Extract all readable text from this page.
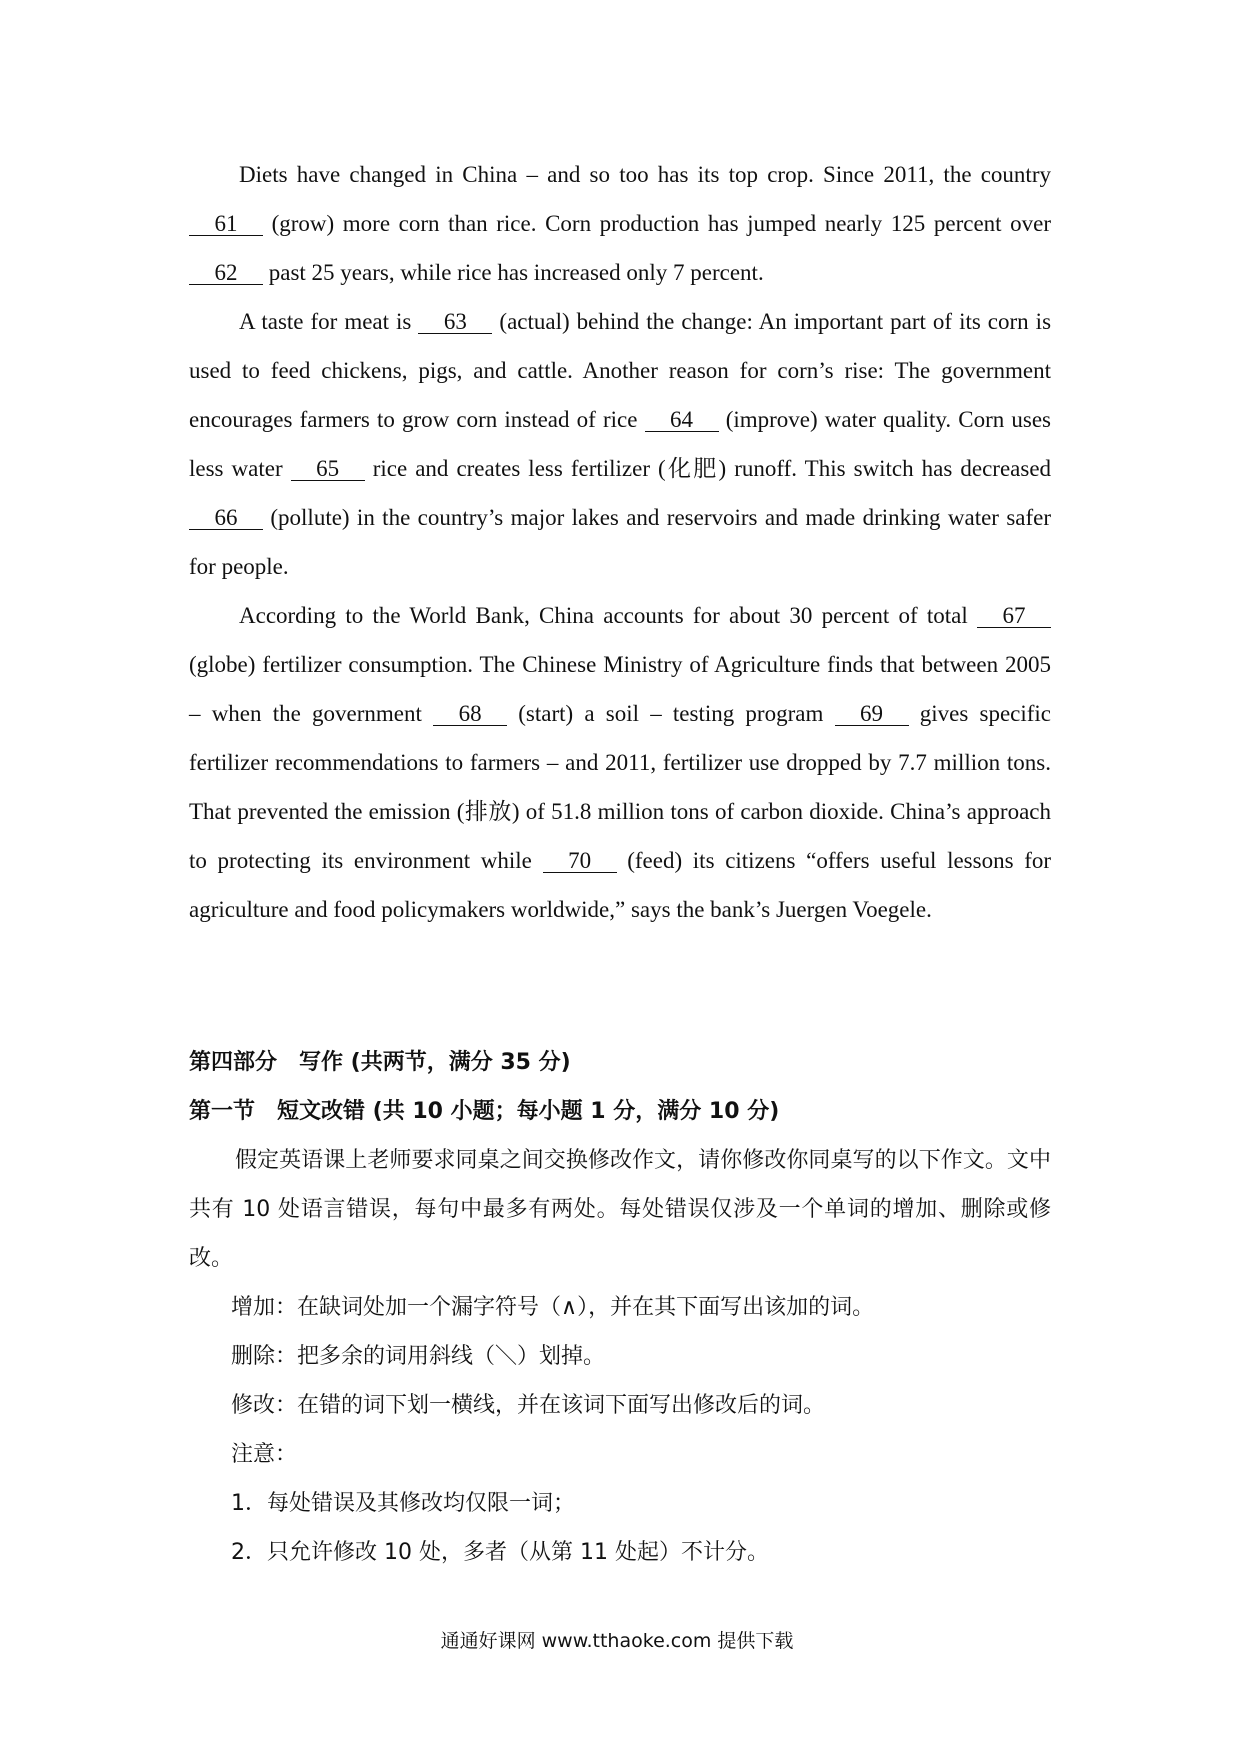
Diets have changed in China – and so too has its top crop. Since 2011, the country 61 (grow) more corn than rice. Corn production has jumped nearly 125 percent over 62 past 25 years, while rice has increased only 7 percent.

A taste for meat is 63 (actual) behind the change: An important part of its corn is used to feed chickens, pigs, and cattle. Another reason for corn’s rise: The government encourages farmers to grow corn instead of rice 64 (improve) water quality. Corn uses less water 65 rice and creates less fertilizer (化肥) runoff. This switch has decreased 66 (pollute) in the country’s major lakes and reservoirs and made drinking water safer for people.

According to the World Bank, China accounts for about 30 percent of total 67 (globe) fertilizer consumption. The Chinese Ministry of Agriculture finds that between 2005 – when the government 68 (start) a soil – testing program 69 gives specific fertilizer recommendations to farmers – and 2011, fertilizer use dropped by 7.7 million tons. That prevented the emission (排放) of 51.8 million tons of carbon dioxide. China’s approach to protecting its environment while 70 (feed) its citizens “offers useful lessons for agriculture and food policymakers worldwide,” says the bank’s Juergen Voegele.

第四部分　写作 (共两节，满分 35 分)

第一节　短文改错 (共 10 小题；每小题 1 分，满分 10 分)

假定英语课上老师要求同桌之间交换修改作文，请你修改你同桌写的以下作文。文中共有 10 处语言错误，每句中最多有两处。每处错误仅涉及一个单词的增加、删除或修改。

增加：在缺词处加一个漏字符号（∧），并在其下面写出该加的词。

删除：把多余的词用斜线（＼）划掉。

修改：在错的词下划一横线，并在该词下面写出修改后的词。

注意：

1．每处错误及其修改均仅限一词；

2．只允许修改 10 处，多者（从第 11 处起）不计分。

通通好课网 www.tthaoke.com 提供下载
